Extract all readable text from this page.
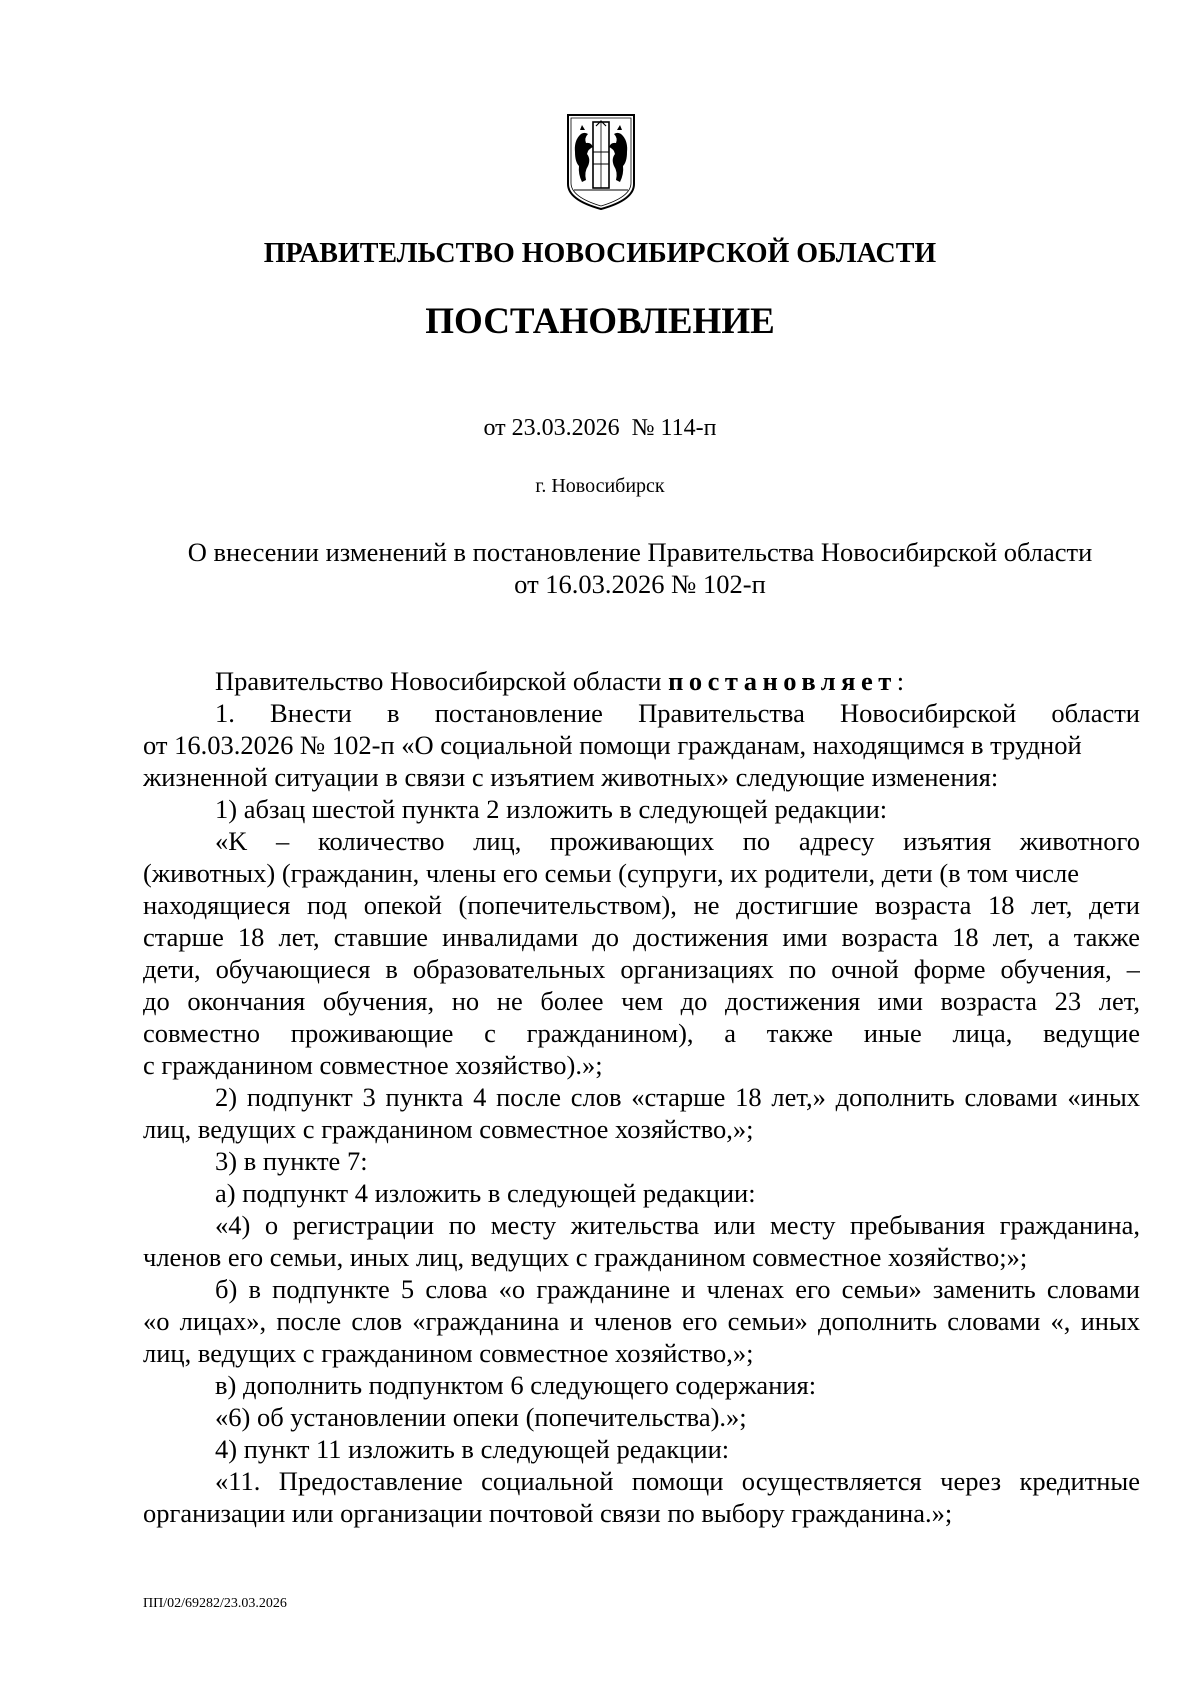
ПРАВИТЕЛЬСТВО НОВОСИБИРСКОЙ ОБЛАСТИ
ПОСТАНОВЛЕНИЕ
от 23.03.2026  № 114-п
г. Новосибирск
О внесении изменений в постановление Правительства Новосибирской области
от 16.03.2026 № 102-п
Правительство Новосибирской области постановляет:
1. Внести в постановление Правительства Новосибирской области
от 16.03.2026 № 102-п «О социальной помощи гражданам, находящимся в трудной
жизненной ситуации в связи с изъятием животных» следующие изменения:
1) абзац шестой пункта 2 изложить в следующей редакции:
«K – количество лиц, проживающих по адресу изъятия животного
(животных) (гражданин, члены его семьи (супруги, их родители, дети (в том числе
находящиеся под опекой (попечительством), не достигшие возраста 18 лет, дети
старше 18 лет, ставшие инвалидами до достижения ими возраста 18 лет, а также
дети, обучающиеся в образовательных организациях по очной форме обучения, –
до окончания обучения, но не более чем до достижения ими возраста 23 лет,
совместно проживающие с гражданином), а также иные лица, ведущие
с гражданином совместное хозяйство).»;
2) подпункт 3 пункта 4 после слов «старше 18 лет,» дополнить словами «иных
лиц, ведущих с гражданином совместное хозяйство,»;
3) в пункте 7:
а) подпункт 4 изложить в следующей редакции:
«4) о регистрации по месту жительства или месту пребывания гражданина,
членов его семьи, иных лиц, ведущих с гражданином совместное хозяйство;»;
б) в подпункте 5 слова «о гражданине и членах его семьи» заменить словами
«о лицах», после слов «гражданина и членов его семьи» дополнить словами «, иных
лиц, ведущих с гражданином совместное хозяйство,»;
в) дополнить подпунктом 6 следующего содержания:
«6) об установлении опеки (попечительства).»;
4) пункт 11 изложить в следующей редакции:
«11. Предоставление социальной помощи осуществляется через кредитные
организации или организации почтовой связи по выбору гражданина.»;
ПП/02/69282/23.03.2026
